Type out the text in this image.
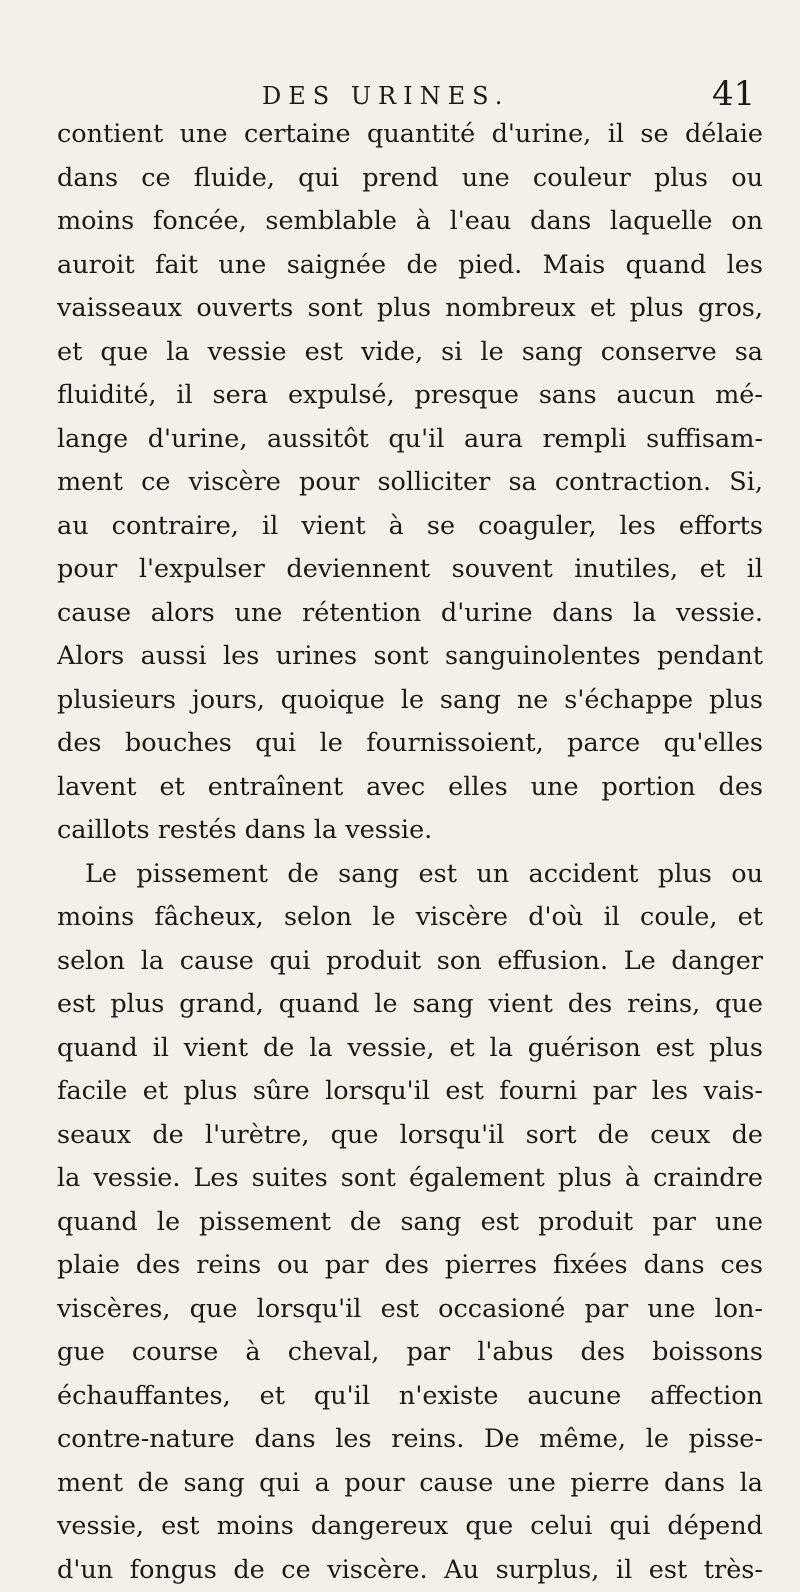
DES URINES.	41
contient une certaine quantité d'urine, il se délaie
dans ce fluide, qui prend une couleur plus ou
moins foncée, semblable à l'eau dans laquelle on
auroit fait une saignée de pied. Mais quand les
vaisseaux ouverts sont plus nombreux et plus gros,
et que la vessie est vide, si le sang conserve sa
fluidité, il sera expulsé, presque sans aucun mé-
lange d'urine, aussitôt qu'il aura rempli suffisam-
ment ce viscère pour solliciter sa contraction. Si,
au contraire, il vient à se coaguler, les efforts
pour l'expulser deviennent souvent inutiles, et il
cause alors une rétention d'urine dans la vessie.
Alors aussi les urines sont sanguinolentes pendant
plusieurs jours, quoique le sang ne s'échappe plus
des bouches qui le fournissoient, parce qu'elles
lavent et entraînent avec elles une portion des
caillots restés dans la vessie.
Le pissement de sang est un accident plus ou
moins fâcheux, selon le viscère d'où il coule, et
selon la cause qui produit son effusion. Le danger
est plus grand, quand le sang vient des reins, que
quand il vient de la vessie, et la guérison est plus
facile et plus sûre lorsqu'il est fourni par les vais-
seaux de l'urètre, que lorsqu'il sort de ceux de
la vessie. Les suites sont également plus à craindre
quand le pissement de sang est produit par une
plaie des reins ou par des pierres fixées dans ces
viscères, que lorsqu'il est occasioné par une lon-
gue course à cheval, par l'abus des boissons
échauffantes, et qu'il n'existe aucune affection
contre-nature dans les reins. De même, le pisse-
ment de sang qui a pour cause une pierre dans la
vessie, est moins dangereux que celui qui dépend
d'un fongus de ce viscère. Au surplus, il est très-
